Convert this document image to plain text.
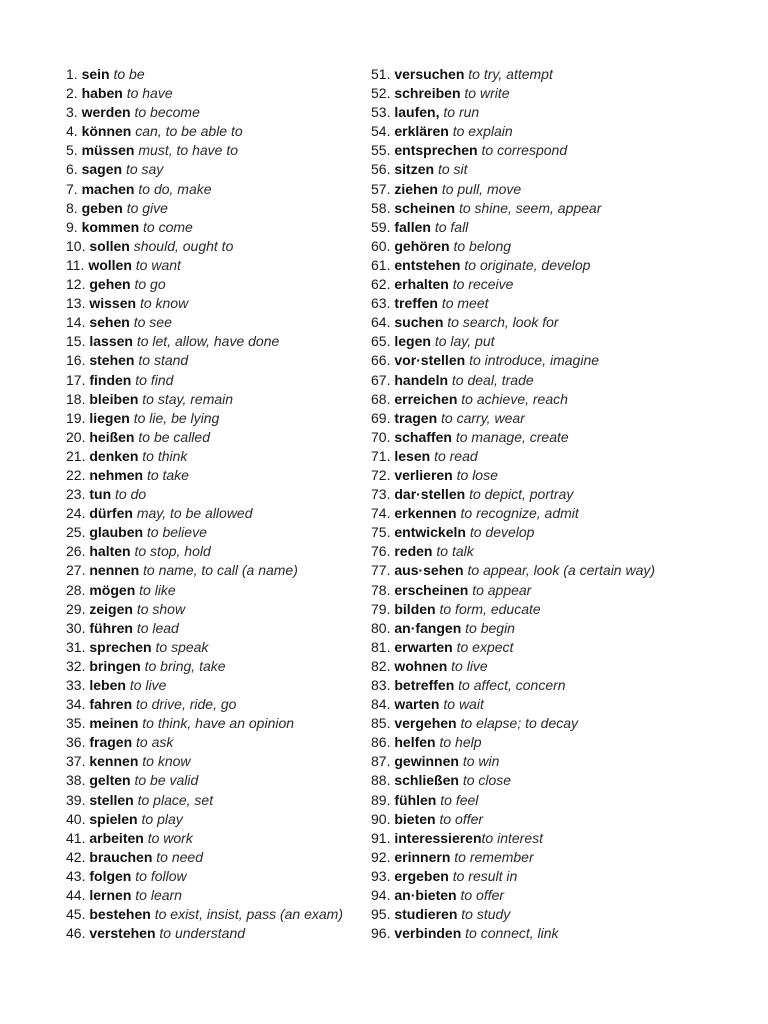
1. sein to be
2. haben to have
3. werden to become
4. können can, to be able to
5. müssen must, to have to
6. sagen to say
7. machen to do, make
8. geben to give
9. kommen to come
10. sollen should, ought to
11. wollen to want
12. gehen to go
13. wissen to know
14. sehen to see
15. lassen to let, allow, have done
16. stehen to stand
17. finden to find
18. bleiben to stay, remain
19. liegen to lie, be lying
20. heißen to be called
21. denken to think
22. nehmen to take
23. tun to do
24. dürfen may, to be allowed
25. glauben to believe
26. halten to stop, hold
27. nennen to name, to call (a name)
28. mögen to like
29. zeigen to show
30. führen to lead
31. sprechen to speak
32. bringen to bring, take
33. leben to live
34. fahren to drive, ride, go
35. meinen to think, have an opinion
36. fragen to ask
37. kennen to know
38. gelten to be valid
39. stellen to place, set
40. spielen to play
41. arbeiten to work
42. brauchen to need
43. folgen to follow
44. lernen to learn
45. bestehen to exist, insist, pass (an exam)
46. verstehen to understand
51. versuchen to try, attempt
52. schreiben to write
53. laufen, to run
54. erklären to explain
55. entsprechen to correspond
56. sitzen to sit
57. ziehen to pull, move
58. scheinen to shine, seem, appear
59. fallen to fall
60. gehören to belong
61. entstehen to originate, develop
62. erhalten to receive
63. treffen to meet
64. suchen to search, look for
65. legen to lay, put
66. vor·stellen to introduce, imagine
67. handeln to deal, trade
68. erreichen to achieve, reach
69. tragen to carry, wear
70. schaffen to manage, create
71. lesen to read
72. verlieren to lose
73. dar·stellen to depict, portray
74. erkennen to recognize, admit
75. entwickeln to develop
76. reden to talk
77. aus·sehen to appear, look (a certain way)
78. erscheinen to appear
79. bilden to form, educate
80. an·fangen to begin
81. erwarten to expect
82. wohnen to live
83. betreffen to affect, concern
84. warten to wait
85. vergehen to elapse; to decay
86. helfen to help
87. gewinnen to win
88. schließen to close
89. fühlen to feel
90. bieten to offer
91. interessierento interest
92. erinnern to remember
93. ergeben to result in
94. an·bieten to offer
95. studieren to study
96. verbinden to connect, link
